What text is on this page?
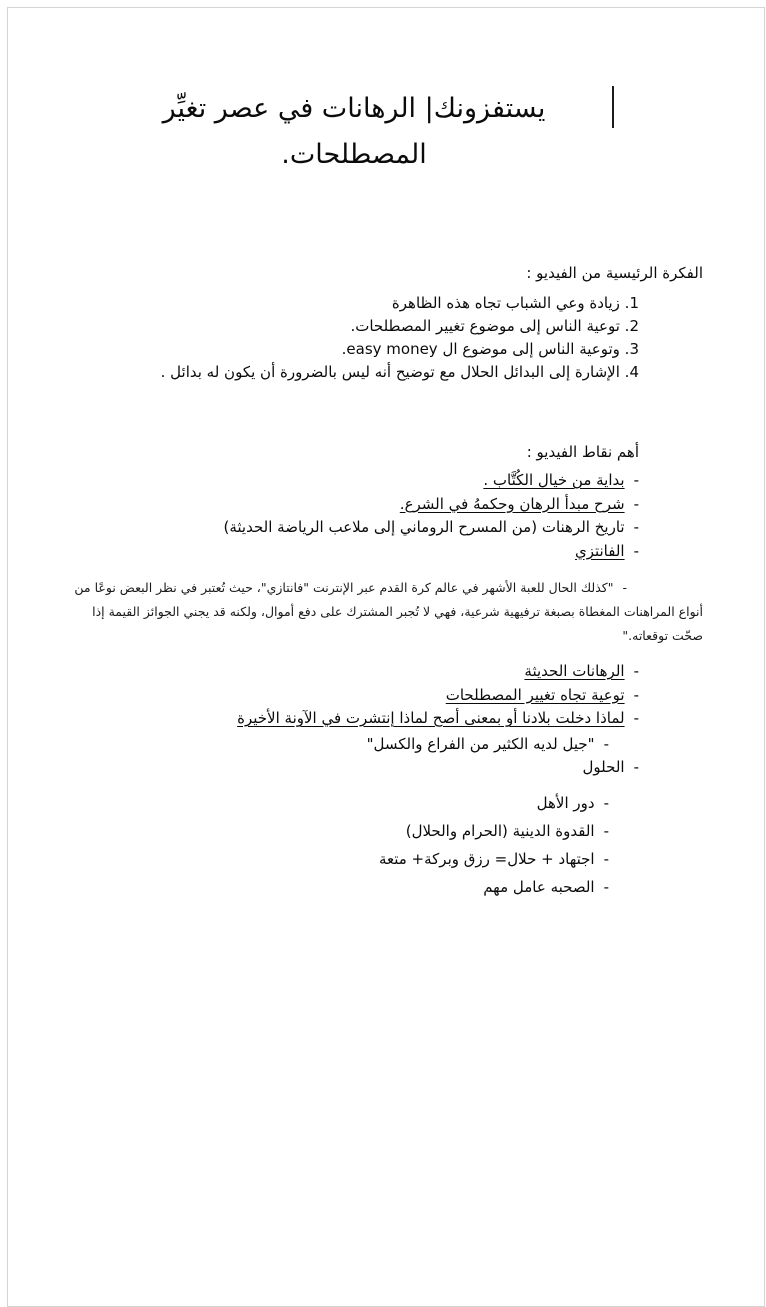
يستفزونك| الرهانات في عصر تغيِّر
المصطلحات.

الفكرة الرئيسية من الفيديو :

زيادة وعي الشباب تجاه هذه الظاهرة
توعية الناس إلى موضوع تغيير المصطلحات.
وتوعية الناس إلى موضوع ال easy money.
الإشارة إلى البدائل الحلال مع توضيح أنه ليس بالضرورة أن يكون له بدائل .

أهم نقاط الفيديو :

- بداية من خيال الكُتَّاب .
- شرح مبدأ الرهان وحكمهُ في الشرع.
- تاريخ الرهنات (من المسرح الروماني إلى ملاعب الرياضة الحديثة)
- الفانتزي

- "كذلك الحال للعبة الأشهر في عالم كرة القدم عبر الإنترنت "فانتازي"، حيث تُعتبر في نظر البعض نوعًا من أنواع المراهنات المغطاة بصبغة ترفيهية شرعية، فهي لا تُجبر المشترك على دفع أموال، ولكنه قد يجني الجوائز القيمة إذا صحّت توقعاته."

- الرهانات الحديثة
- توعية تجاه تغيير المصطلحات
- لماذا دخلت بلادنا أو بمعنى أصح لماذا إنتشرت في الآونة الأخيرة
- "جيل لديه الكثير من الفراع والكسل"
- الحلول
- دور الأهل
- القدوة الدينية (الحرام والحلال)
- اجتهاد + حلال= رزق وبركة+ متعة
- الصحبه عامل مهم
